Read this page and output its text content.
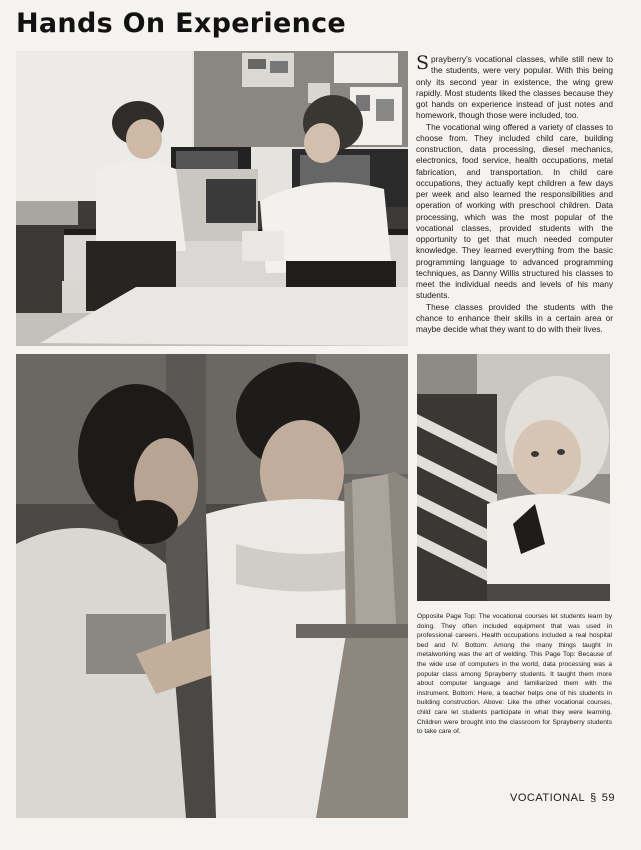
Hands On Experience

Sprayberry's vocational classes, while still new to the students, were very popular. With this being only its second year in existence, the wing grew rapidly. Most students liked the classes because they got hands on experience instead of just notes and homework, though those were included, too.

The vocational wing offered a variety of classes to choose from. They included child care, building construction, data processing, diesel mechanics, electronics, food service, health occupations, metal fabrication, and transportation. In child care occupations, they actually kept children a few days per week and also learned the responsibilities and operation of working with preschool children. Data processing, which was the most popular of the vocational classes, provided students with the opportunity to get that much needed computer knowledge. They learned everything from the basic programming language to advanced programming techniques, as Danny Willis structured his classes to meet the individual needs and levels of his many students.

These classes provided the students with the chance to enhance their skills in a certain area or maybe decide what they want to do with their lives.

Opposite Page Top: The vocational courses let students learn by doing. They often included equipment that was used in professional careers. Health occupations included a real hospital bed and IV. Bottom: Among the many things taught in metalworking was the art of welding. This Page Top: Because of the wide use of computers in the world, data processing was a popular class among Sprayberry students. It taught them more about computer language and familiarized them with the instrument. Bottom: Here, a teacher helps one of his students in building construction. Above: Like the other vocational courses, child care let students participate in what they were learning. Children were brought into the classroom for Sprayberry students to take care of.

VOCATIONAL § 59
